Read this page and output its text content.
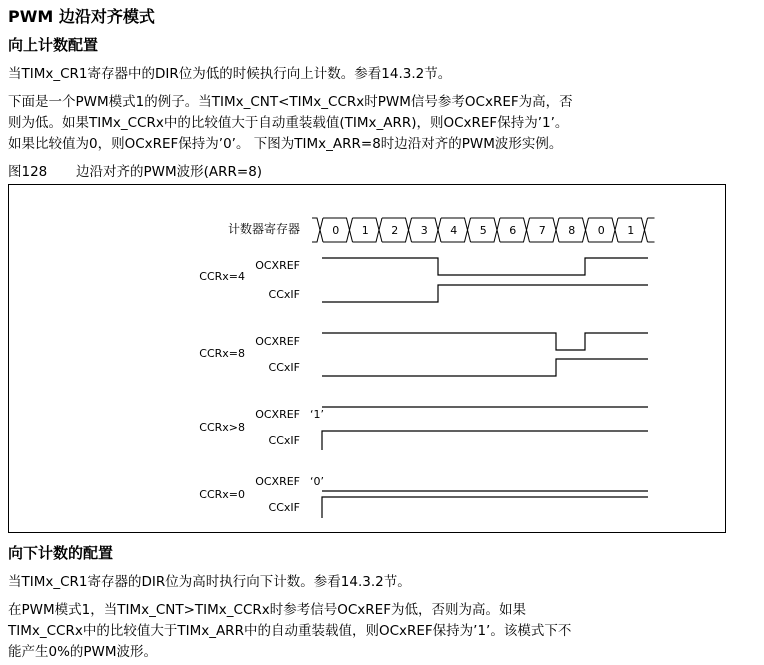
PWM 边沿对齐模式
向上计数配置
当TIMx_CR1寄存器中的DIR位为低的时候执行向上计数。参看14.3.2节。
下面是一个PWM模式1的例子。当TIMx_CNT<TIMx_CCRx时PWM信号参考OCxREF为高，否
则为低。如果TIMx_CCRx中的比较值大于自动重装载值(TIMx_ARR)，则OCxREF保持为’1’。
如果比较值为0，则OCxREF保持为’0’。 下图为TIMx_ARR=8时边沿对齐的PWM波形实例。
图128 边沿对齐的PWM波形(ARR=8)
计数器寄存器	0 1 2 3 4 5 6 7 8 0 1
CCRx=4
OCXREF
CCxIF
CCRx=8
OCXREF
CCxIF
CCRx>8
OCXREF
CCxIF
‘1’
CCRx=0
OCXREF
CCxIF
‘0’
向下计数的配置
当TIMx_CR1寄存器的DIR位为高时执行向下计数。参看14.3.2节。
在PWM模式1，当TIMx_CNT>TIMx_CCRx时参考信号OCxREF为低，否则为高。如果
TIMx_CCRx中的比较值大于TIMx_ARR中的自动重装载值，则OCxREF保持为’1’。该模式下不
能产生0%的PWM波形。
